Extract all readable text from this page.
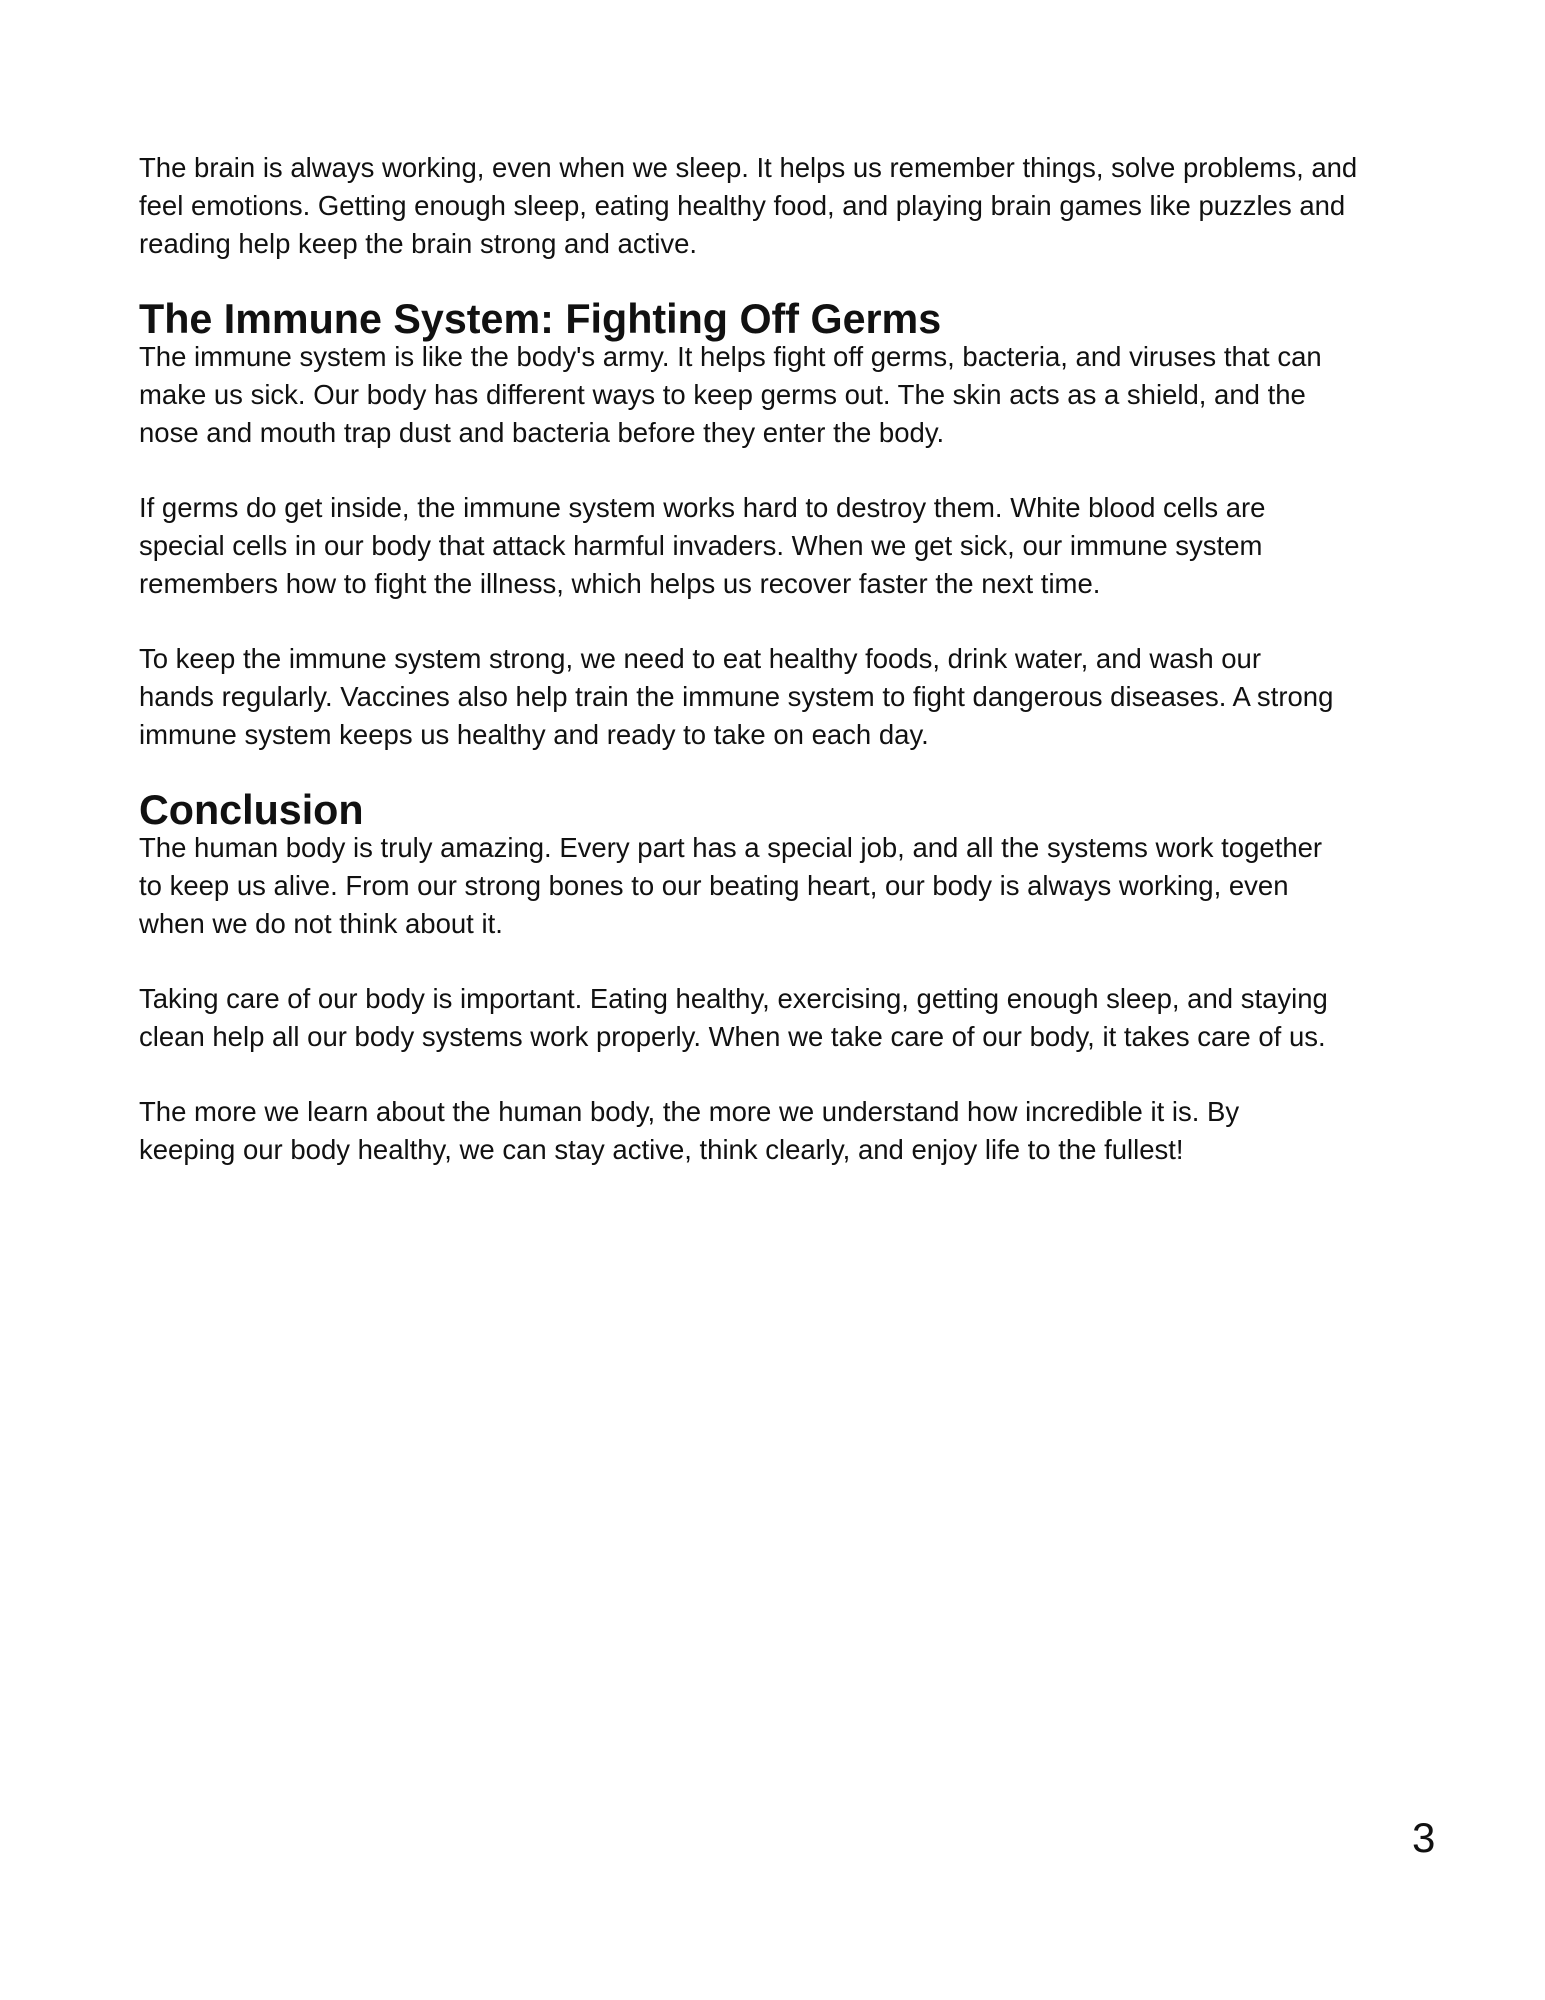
The brain is always working, even when we sleep. It helps us remember things, solve problems, and
feel emotions. Getting enough sleep, eating healthy food, and playing brain games like puzzles and
reading help keep the brain strong and active.

The Immune System: Fighting Off Germs

The immune system is like the body's army. It helps fight off germs, bacteria, and viruses that can
make us sick. Our body has different ways to keep germs out. The skin acts as a shield, and the
nose and mouth trap dust and bacteria before they enter the body.

If germs do get inside, the immune system works hard to destroy them. White blood cells are
special cells in our body that attack harmful invaders. When we get sick, our immune system
remembers how to fight the illness, which helps us recover faster the next time.

To keep the immune system strong, we need to eat healthy foods, drink water, and wash our
hands regularly. Vaccines also help train the immune system to fight dangerous diseases. A strong
immune system keeps us healthy and ready to take on each day.

Conclusion

The human body is truly amazing. Every part has a special job, and all the systems work together
to keep us alive. From our strong bones to our beating heart, our body is always working, even
when we do not think about it.

Taking care of our body is important. Eating healthy, exercising, getting enough sleep, and staying
clean help all our body systems work properly. When we take care of our body, it takes care of us.

The more we learn about the human body, the more we understand how incredible it is. By
keeping our body healthy, we can stay active, think clearly, and enjoy life to the fullest!

3
